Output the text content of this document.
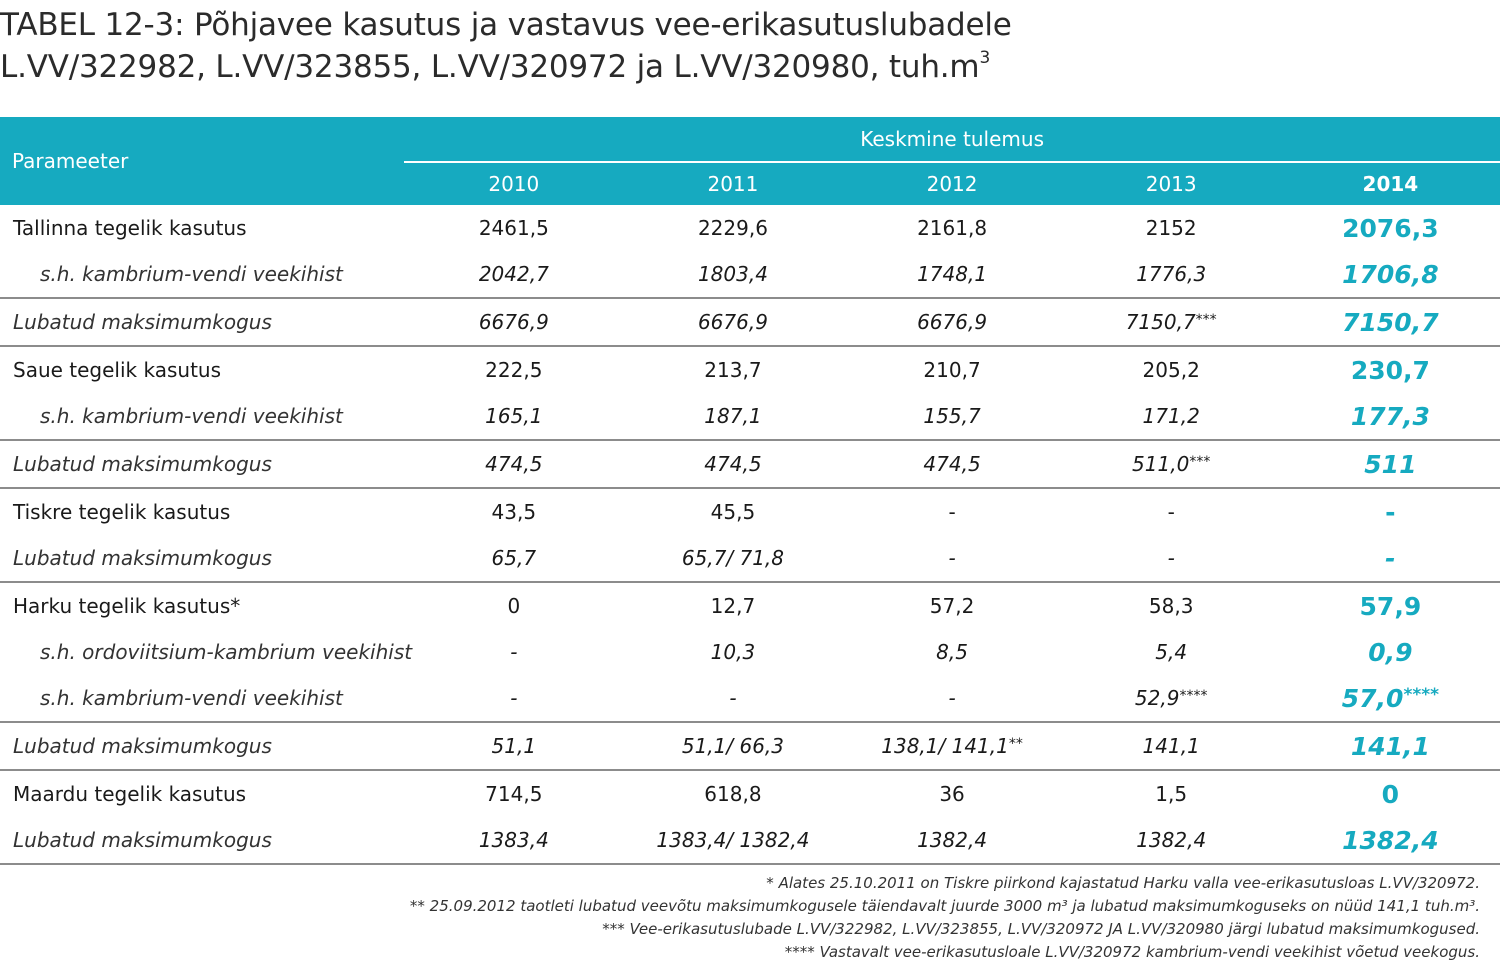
TABEL 12-3: Põhjavee kasutus ja vastavus vee-erikasutuslubadele
L.VV/322982, L.VV/323855, L.VV/320972 ja L.VV/320980, $tuh.m^3$
Parameeter	Keskmine tulemus				
	2010	2011	2012	2013	2014
Tallinna tegelik kasutus	2461,5	2229,6	2161,8	2152	2076,3
s.h. kambrium-vendi veekihist	2042,7	1803,4	1748,1	1776,3	1706,8
Lubatud maksimumkogus	6676,9	6676,9	6676,9	7150,7***	7150,7
Saue tegelik kasutus	222,5	213,7	210,7	205,2	230,7
s.h. kambrium-vendi veekihist	165,1	187,1	155,7	171,2	177,3
Lubatud maksimumkogus	474,5	474,5	474,5	511,0***	511
Tiskre tegelik kasutus	43,5	45,5	-	-	-
Lubatud maksimumkogus	65,7	65,7/ 71,8	-	-	-
Harku tegelik kasutus*	0	12,7	57,2	58,3	57,9
s.h. ordoviitsium-kambrium veekihist	-	10,3	8,5	5,4	0,9
s.h. kambrium-vendi veekihist	-	-	-	52,9****	57,0****
Lubatud maksimumkogus	51,1	51,1/ 66,3	138,1/ 141,1**	141,1	141,1
Maardu tegelik kasutus	714,5	618,8	36	1,5	0
Lubatud maksimumkogus	1383,4	1383,4/ 1382,4	1382,4	1382,4	1382,4
* Alates 25.10.2011 on Tiskre piirkond kajastatud Harku valla vee-erikasutusloas L.VV/320972.
** 25.09.2012 taotleti lubatud veevõtu maksimumkogusele täiendavalt juurde 3000 m³ ja lubatud maksimumkoguseks on nüüd 141,1 tuh.m³.
*** Vee-erikasutuslubade L.VV/322982, L.VV/323855, L.VV/320972 JA L.VV/320980 järgi lubatud maksimumkogused.
**** Vastavalt vee-erikasutusloale L.VV/320972 kambrium-vendi veekihist võetud veekogus.
